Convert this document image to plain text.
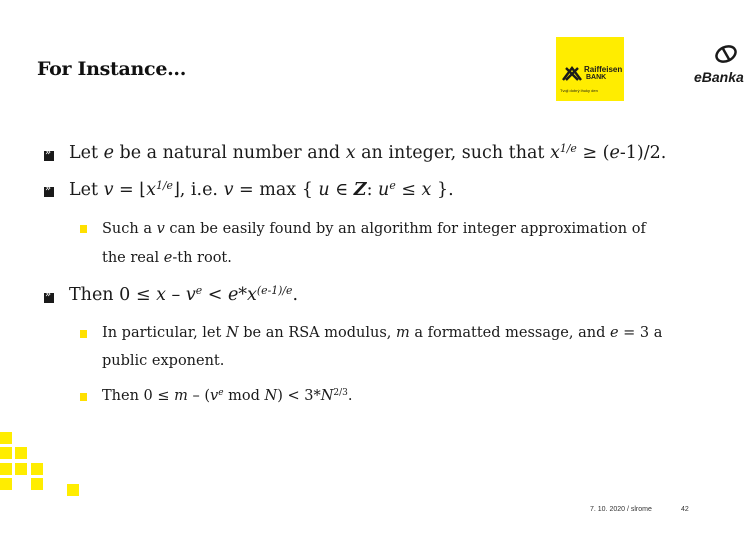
For Instance...	Raiffeisen
BANK
Tvoji dobrý ihuky den
eBanka
»
Let e be a natural number and x an integer, such that $x^{1/e} \ge (e-1)/2$.
»
Let $v = ⌊x^{1/e}⌋$, i.e. v = max { u ∈ Z: $u^e \le x$ }.
Such a v can be easily found by an algorithm for integer approximation of
the real e-th root.
»
Then $0 \le x - v^e < e*x^{(e-1)/e}$.
In particular, let N be an RSA modulus, m a formatted message, and e = 3 a
public exponent.
Then $0 \le m - (v^e$ mod $N) < 3*N^{2/3}$.
7. 10. 2020 / slrome	42
